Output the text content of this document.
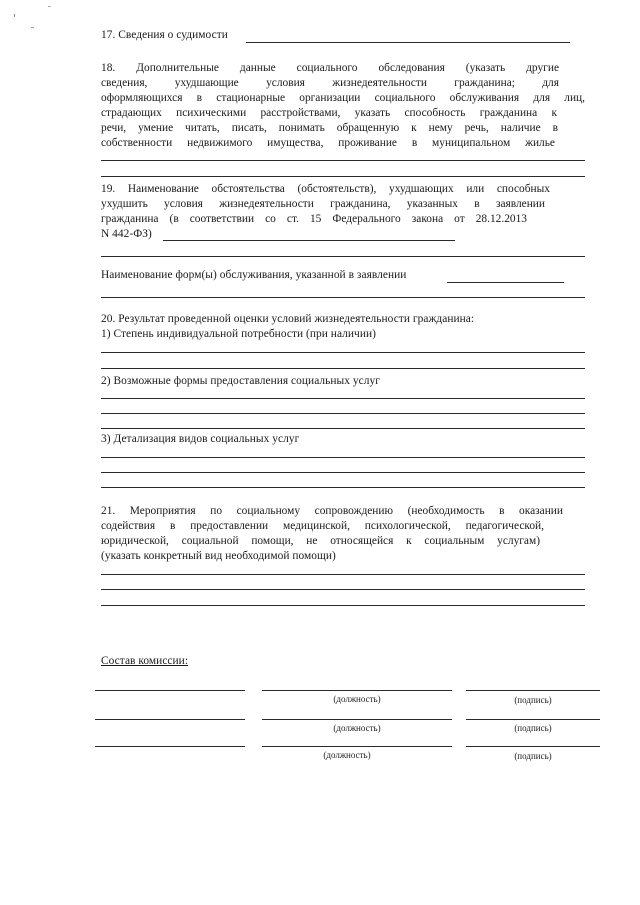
17. Сведения о судимости
18. Дополнительные данные социального обследования (указать другие
сведения, ухудшающие условия жизнедеятельности гражданина; для
оформляющихся в стационарные организации социального обслуживания для лиц,
страдающих психическими расстройствами, указать способность гражданина к
речи, умение читать, писать, понимать обращенную к нему речь, наличие в
собственности недвижимого имущества, проживание в муниципальном жилье
19. Наименование обстоятельства (обстоятельств), ухудшающих или способных
ухудшить условия жизнедеятельности гражданина, указанных в заявлении
гражданина (в соответствии со ст. 15 Федерального закона от 28.12.2013
N 442-ФЗ)
Наименование форм(ы) обслуживания, указанной в заявлении
20. Результат проведенной оценки условий жизнедеятельности гражданина:
1) Степень индивидуальной потребности (при наличии)
2) Возможные формы предоставления социальных услуг
3) Детализация видов социальных услуг
21. Мероприятия по социальному сопровождению (необходимость в оказании
содействия в предоставлении медицинской, психологической, педагогической,
юридической, социальной помощи, не относящейся к социальным услугам)
(указать конкретный вид необходимой помощи)
Состав комиссии:
(должность)	(подпись)
(должность)	(подпись)
(должность)	(подпись)
